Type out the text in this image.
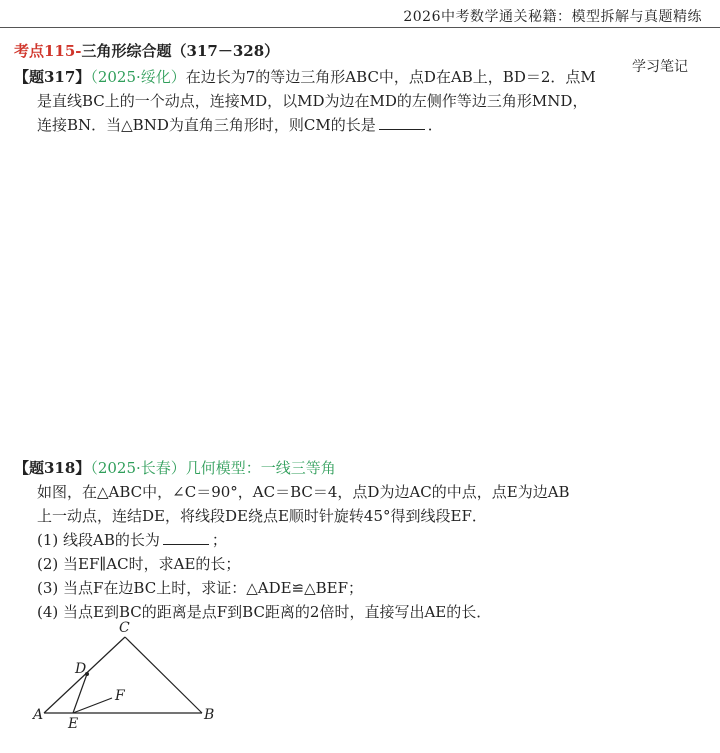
2026中考数学通关秘籍：模型拆解与真题精练
考点115-三角形综合题（317－328）
学习笔记
【题317】（2025·绥化）在边长为7的等边三角形ABC中，点D在AB上，BD＝2．点M
是直线BC上的一个动点，连接MD，以MD为边在MD的左侧作等边三角形MND，
连接BN．当△BND为直角三角形时，则CM的长是	．
【题318】（2025·长春）几何模型：一线三等角
如图，在△ABC中，∠C＝90°，AC＝BC＝4，点D为边AC的中点，点E为边AB
上一动点，连结DE，将线段DE绕点E顺时针旋转45°得到线段EF．
(1) 线段AB的长为	；
(2) 当EF∥AC时，求AE的长；
(3) 当点F在边BC上时，求证：△ADE≌△BEF；
(4) 当点E到BC的距离是点F到BC距离的2倍时，直接写出AE的长．
A	B
C
D
E
F
